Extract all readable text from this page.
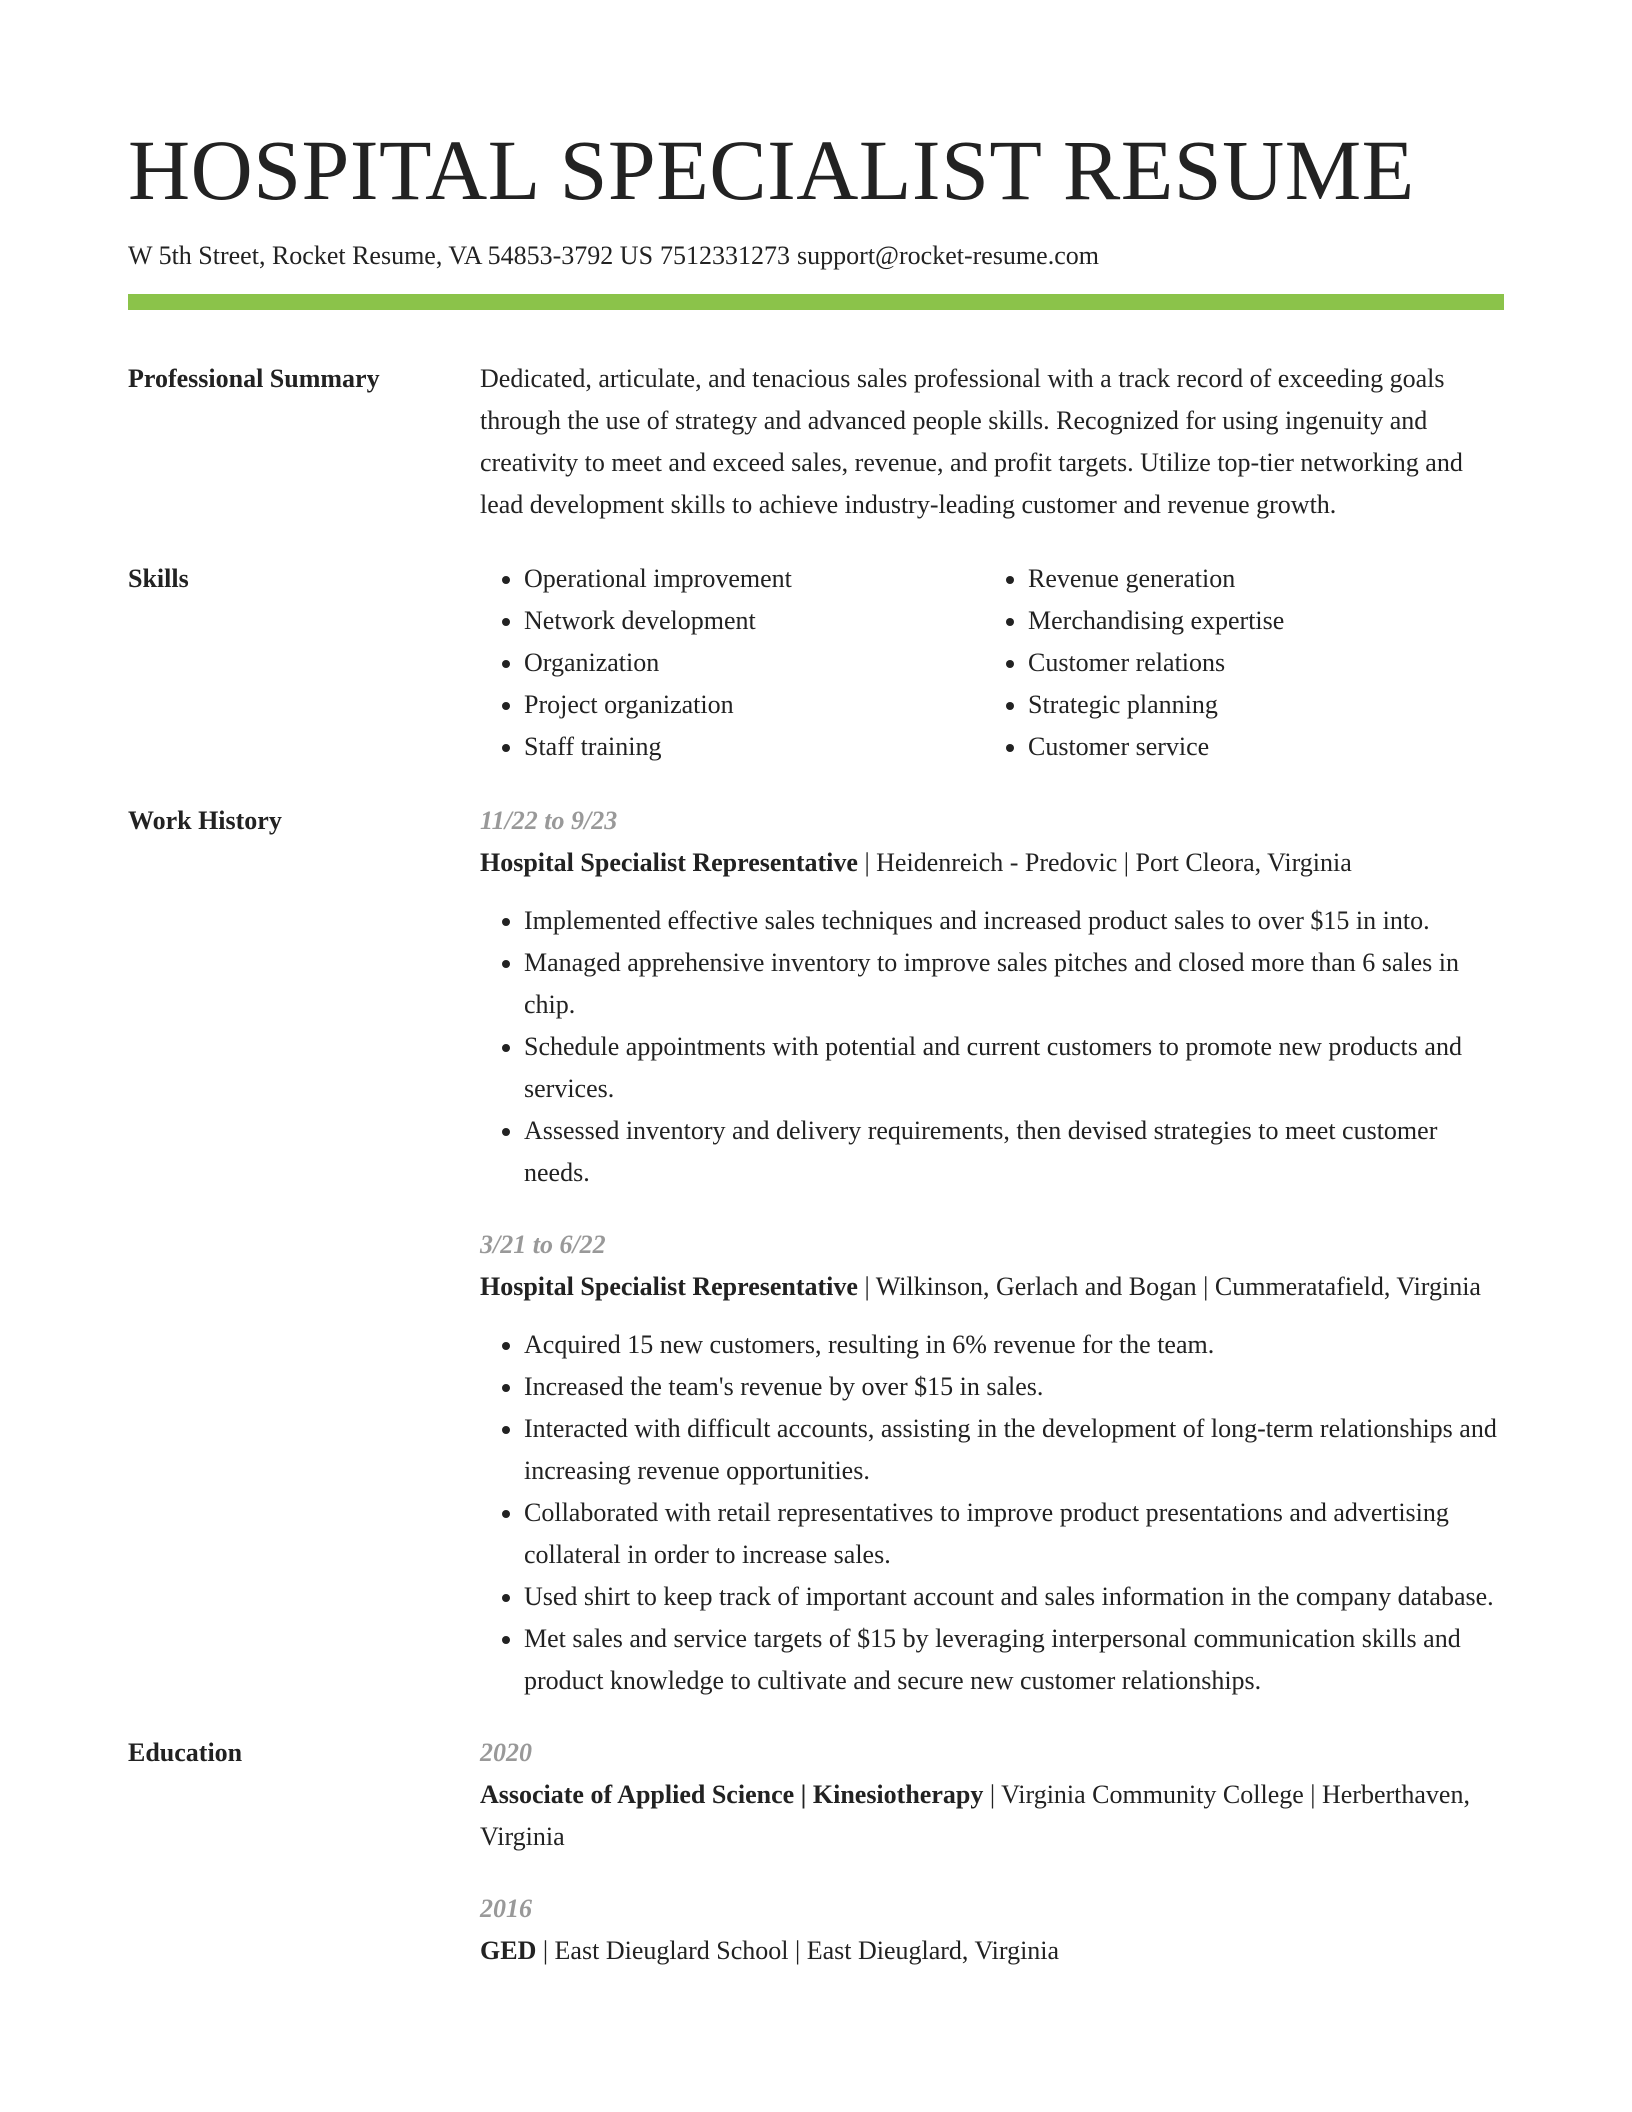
HOSPITAL SPECIALIST RESUME
W 5th Street, Rocket Resume, VA 54853-3792 US 7512331273 support@rocket-resume.com
Professional Summary	Dedicated, articulate, and tenacious sales professional with a track record of exceeding goals through the use of strategy and advanced people skills. Recognized for using ingenuity and creativity to meet and exceed sales, revenue, and profit targets. Utilize top-tier networking and lead development skills to achieve industry-leading customer and revenue growth.

Skills
•	Operational improvement
• Network development
• Organization
• Project organization
• Staff training
• Revenue generation
• Merchandising expertise
• Customer relations
• Strategic planning
• Customer service
Work History	11/22 to 9/23

Hospital Specialist Representative | Heidenreich - Predovic | Port Cleora, Virginia

• Implemented effective sales techniques and increased product sales to over $15 in into.
• Managed apprehensive inventory to improve sales pitches and closed more than 6 sales in chip.
• Schedule appointments with potential and current customers to promote new products and services.
• Assessed inventory and delivery requirements, then devised strategies to meet customer needs.
3/21 to 6/22

Hospital Specialist Representative | Wilkinson, Gerlach and Bogan | Cummeratafield, Virginia

• Acquired 15 new customers, resulting in 6% revenue for the team.
• Increased the team's revenue by over $15 in sales.
• Interacted with difficult accounts, assisting in the development of long-term relationships and increasing revenue opportunities.
• Collaborated with retail representatives to improve product presentations and advertising collateral in order to increase sales.
• Used shirt to keep track of important account and sales information in the company database.
• Met sales and service targets of $15 by leveraging interpersonal communication skills and product knowledge to cultivate and secure new customer relationships.
Education	2020

Associate of Applied Science | Kinesiotherapy | Virginia Community College | Herberthaven, Virginia

2016

GED | East Dieuglard School | East Dieuglard, Virginia
